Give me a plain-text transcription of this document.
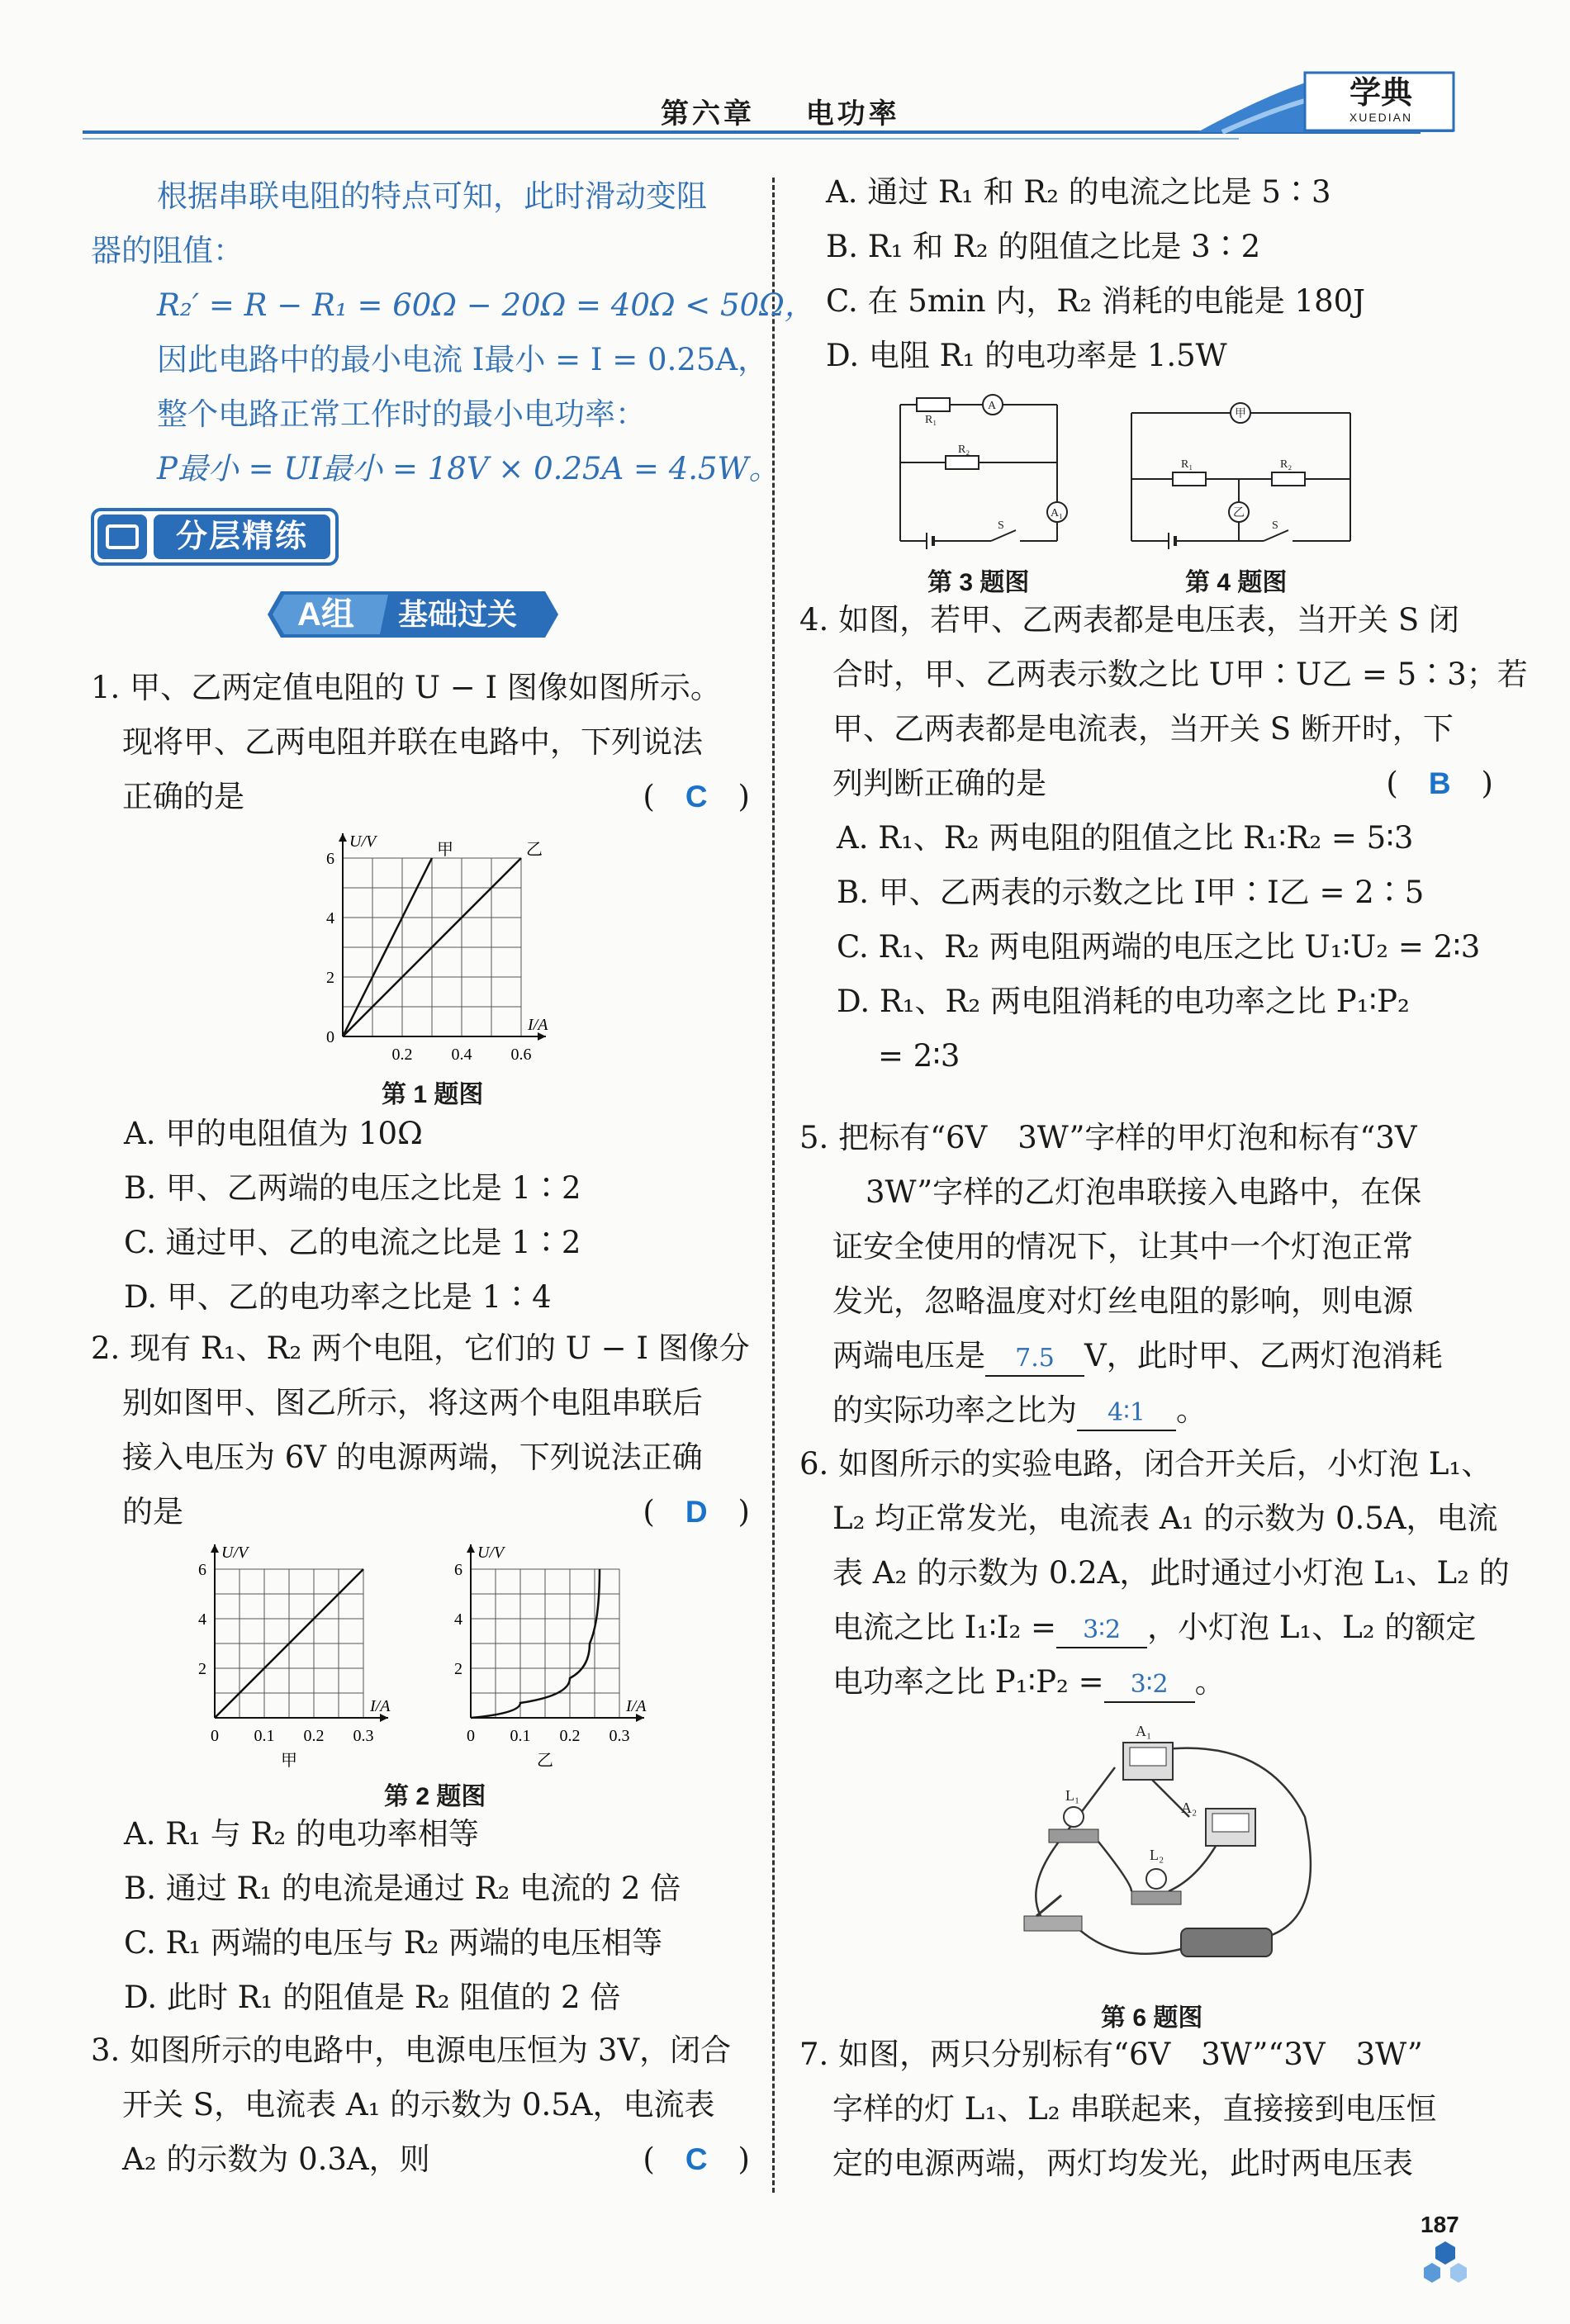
第六章 电功率
学典
XUEDIAN
根据串联电阻的特点可知，此时滑动变阻
器的阻值：
R₂′ = R − R₁ = 60Ω − 20Ω = 40Ω < 50Ω，
因此电路中的最小电流 I最小 = I = 0.25A，
整个电路正常工作时的最小电功率：
P最小 = UI最小 = 18V × 0.25A = 4.5W。
分层精练
A组 基础过关
1. 甲、乙两定值电阻的 U − I 图像如图所示。
现将甲、乙两电阻并联在电路中，下列说法
正确的是	(　C　)
I/A
U/V
0
2
4
6
0.2 0.4 0.6
甲	乙
第 1 题图
A. 甲的电阻值为 10Ω
B. 甲、乙两端的电压之比是 1∶2
C. 通过甲、乙的电流之比是 1∶2
D. 甲、乙的电功率之比是 1∶4
2. 现有 R₁、R₂ 两个电阻，它们的 U − I 图像分
别如图甲、图乙所示，将这两个电阻串联后
接入电压为 6V 的电源两端，下列说法正确
的是	(　D　)
I/A
U/V
2
4
6
0 0.1 0.2 0.3
甲
I/A
U/V
2
4
6
0 0.1 0.2 0.3
乙
第 2 题图
A. R₁ 与 R₂ 的电功率相等
B. 通过 R₁ 的电流是通过 R₂ 电流的 2 倍
C. R₁ 两端的电压与 R₂ 两端的电压相等
D. 此时 R₁ 的阻值是 R₂ 阻值的 2 倍
3. 如图所示的电路中，电源电压恒为 3V，闭合
开关 S，电流表 A₁ 的示数为 0.5A，电流表
A₂ 的示数为 0.3A，则	(　C　)
A. 通过 R₁ 和 R₂ 的电流之比是 5∶3
B. R₁ 和 R₂ 的阻值之比是 3∶2
C. 在 5min 内，R₂ 消耗的电能是 180J
D. 电阻 R₁ 的电功率是 1.5W
R₁
R₂
A
A₁
S
R₁	R₂
甲
乙
S
第 3 题图	第 4 题图
4. 如图，若甲、乙两表都是电压表，当开关 S 闭
合时，甲、乙两表示数之比 U甲∶U乙 = 5∶3；若
甲、乙两表都是电流表，当开关 S 断开时，下
列判断正确的是	(　B　)
A. R₁、R₂ 两电阻的阻值之比 R₁∶R₂ = 5∶3
B. 甲、乙两表的示数之比 I甲∶I乙 = 2∶5
C. R₁、R₂ 两电阻两端的电压之比 U₁∶U₂ = 2∶3
D. R₁、R₂ 两电阻消耗的电功率之比 P₁∶P₂
= 2∶3
5. 把标有“6V　3W”字样的甲灯泡和标有“3V
3W”字样的乙灯泡串联接入电路中，在保
证安全使用的情况下，让其中一个灯泡正常
发光，忽略温度对灯丝电阻的影响，则电源
两端电压是 7.5 V，此时甲、乙两灯泡消耗
的实际功率之比为 4∶1 。
6. 如图所示的实验电路，闭合开关后，小灯泡 L₁、
L₂ 均正常发光，电流表 A₁ 的示数为 0.5A，电流
表 A₂ 的示数为 0.2A，此时通过小灯泡 L₁、L₂ 的
电流之比 I₁∶I₂ = 3∶2 ，小灯泡 L₁、L₂ 的额定
电功率之比 P₁∶P₂ = 3∶2 。
A₁
A₂
L₁
L₂
第 6 题图
7. 如图，两只分别标有“6V　3W”“3V　3W”
字样的灯 L₁、L₂ 串联起来，直接接到电压恒
定的电源两端，两灯均发光，此时两电压表
187
